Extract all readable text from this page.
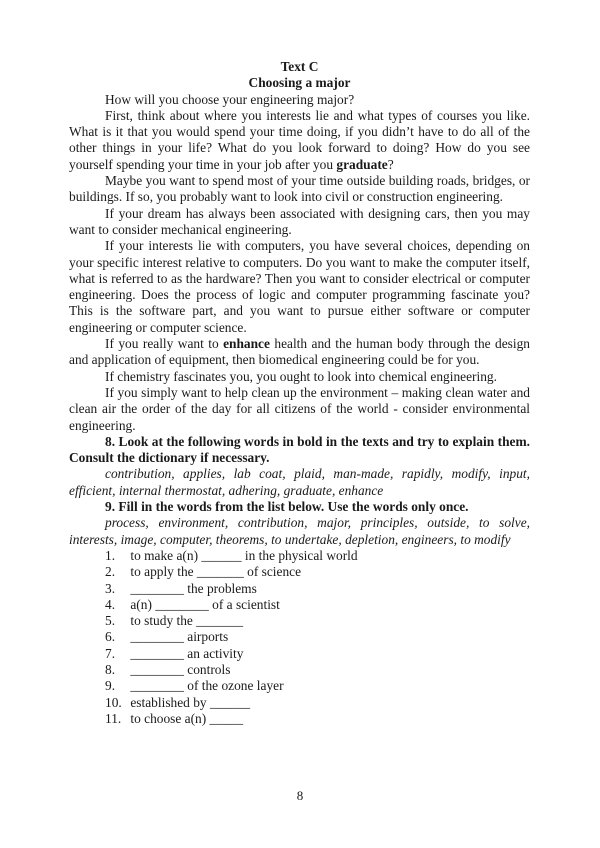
Text C
Choosing a major

How will you choose your engineering major?

First, think about where you interests lie and what types of courses you like. What is it that you would spend your time doing, if you didn’t have to do all of the other things in your life? What do you look forward to doing? How do you see yourself spending your time in your job after you graduate?

Maybe you want to spend most of your time outside building roads, bridges, or buildings. If so, you probably want to look into civil or construction engineering.

If your dream has always been associated with designing cars, then you may want to consider mechanical engineering.

If your interests lie with computers, you have several choices, depending on your specific interest relative to computers. Do you want to make the computer itself, what is referred to as the hardware? Then you want to consider electrical or computer engineering. Does the process of logic and computer programming fascinate you? This is the software part, and you want to pursue either software or computer engineering or computer science.

If you really want to enhance health and the human body through the design and application of equipment, then biomedical engineering could be for you.

If chemistry fascinates you, you ought to look into chemical engineering.

If you simply want to help clean up the environment – making clean water and clean air the order of the day for all citizens of the world - consider environmental engineering.

8. Look at the following words in bold in the texts and try to explain them. Consult the dictionary if necessary.

contribution, applies, lab coat, plaid, man-made, rapidly, modify, input, efficient, internal thermostat, adhering, graduate, enhance

9. Fill in the words from the list below. Use the words only once.

process, environment, contribution, major, principles, outside, to solve, interests, image, computer, theorems, to undertake, depletion, engineers, to modify

1. to make a(n) ______ in the physical world
2. to apply the _______ of science
3. ________ the problems
4. a(n) ________ of a scientist
5. to study the _______
6. ________ airports
7. ________ an activity
8. ________ controls
9. ________ of the ozone layer
10. established by ______
11. to choose a(n) _____
8
